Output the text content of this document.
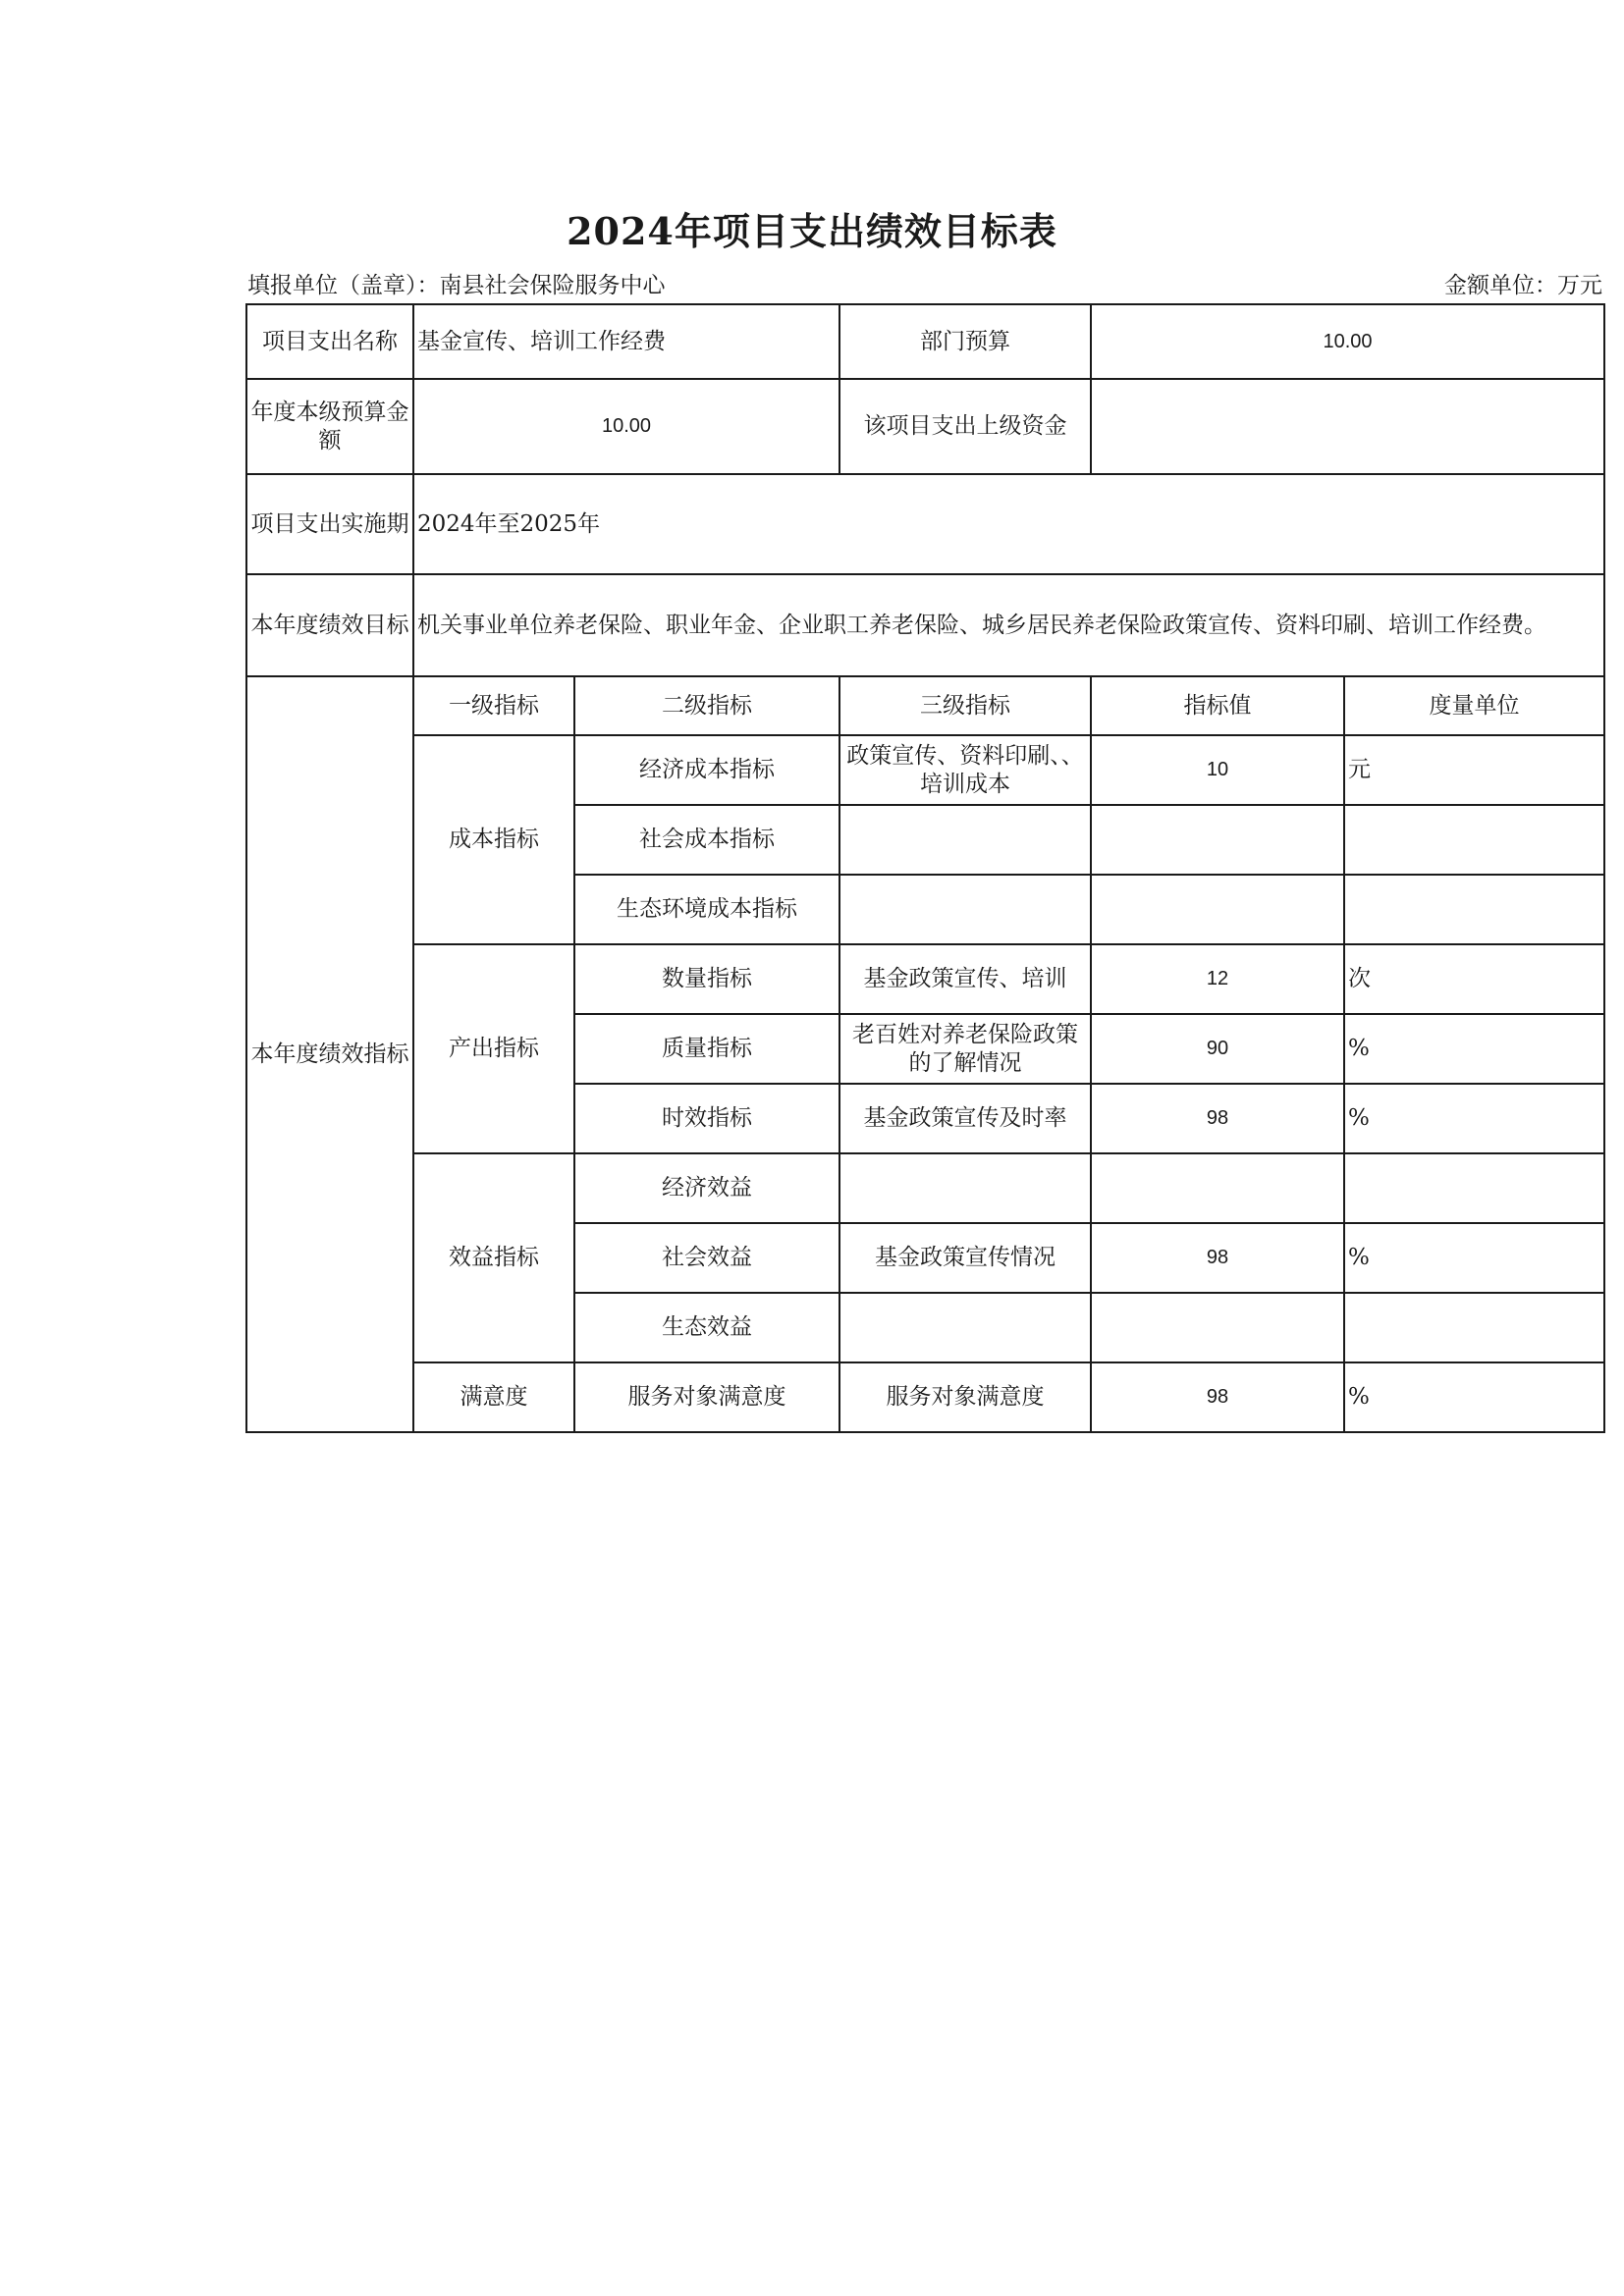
2024年项目支出绩效目标表
填报单位（盖章）：南县社会保险服务中心	金额单位：万元
项目支出名称	基金宣传、培训工作经费		部门预算	10.00	
年度本级预算金额	10.00		该项目支出上级资金		
项目支出实施期	2024年至2025年				
本年度绩效目标	机关事业单位养老保险、职业年金、企业职工养老保险、城乡居民养老保险政策宣传、资料印刷、培训工作经费。				
本年度绩效指标	一级指标	二级指标	三级指标	指标值	度量单位
	成本指标	经济成本指标	政策宣传、资料印刷、、培训成本	10	元
		社会成本指标			
		生态环境成本指标			
	产出指标	数量指标	基金政策宣传、培训	12	次
		质量指标	老百姓对养老保险政策的了解情况	90	%
		时效指标	基金政策宣传及时率	98	%
	效益指标	经济效益			
		社会效益	基金政策宣传情况	98	%
		生态效益			
	满意度	服务对象满意度	服务对象满意度	98	%
